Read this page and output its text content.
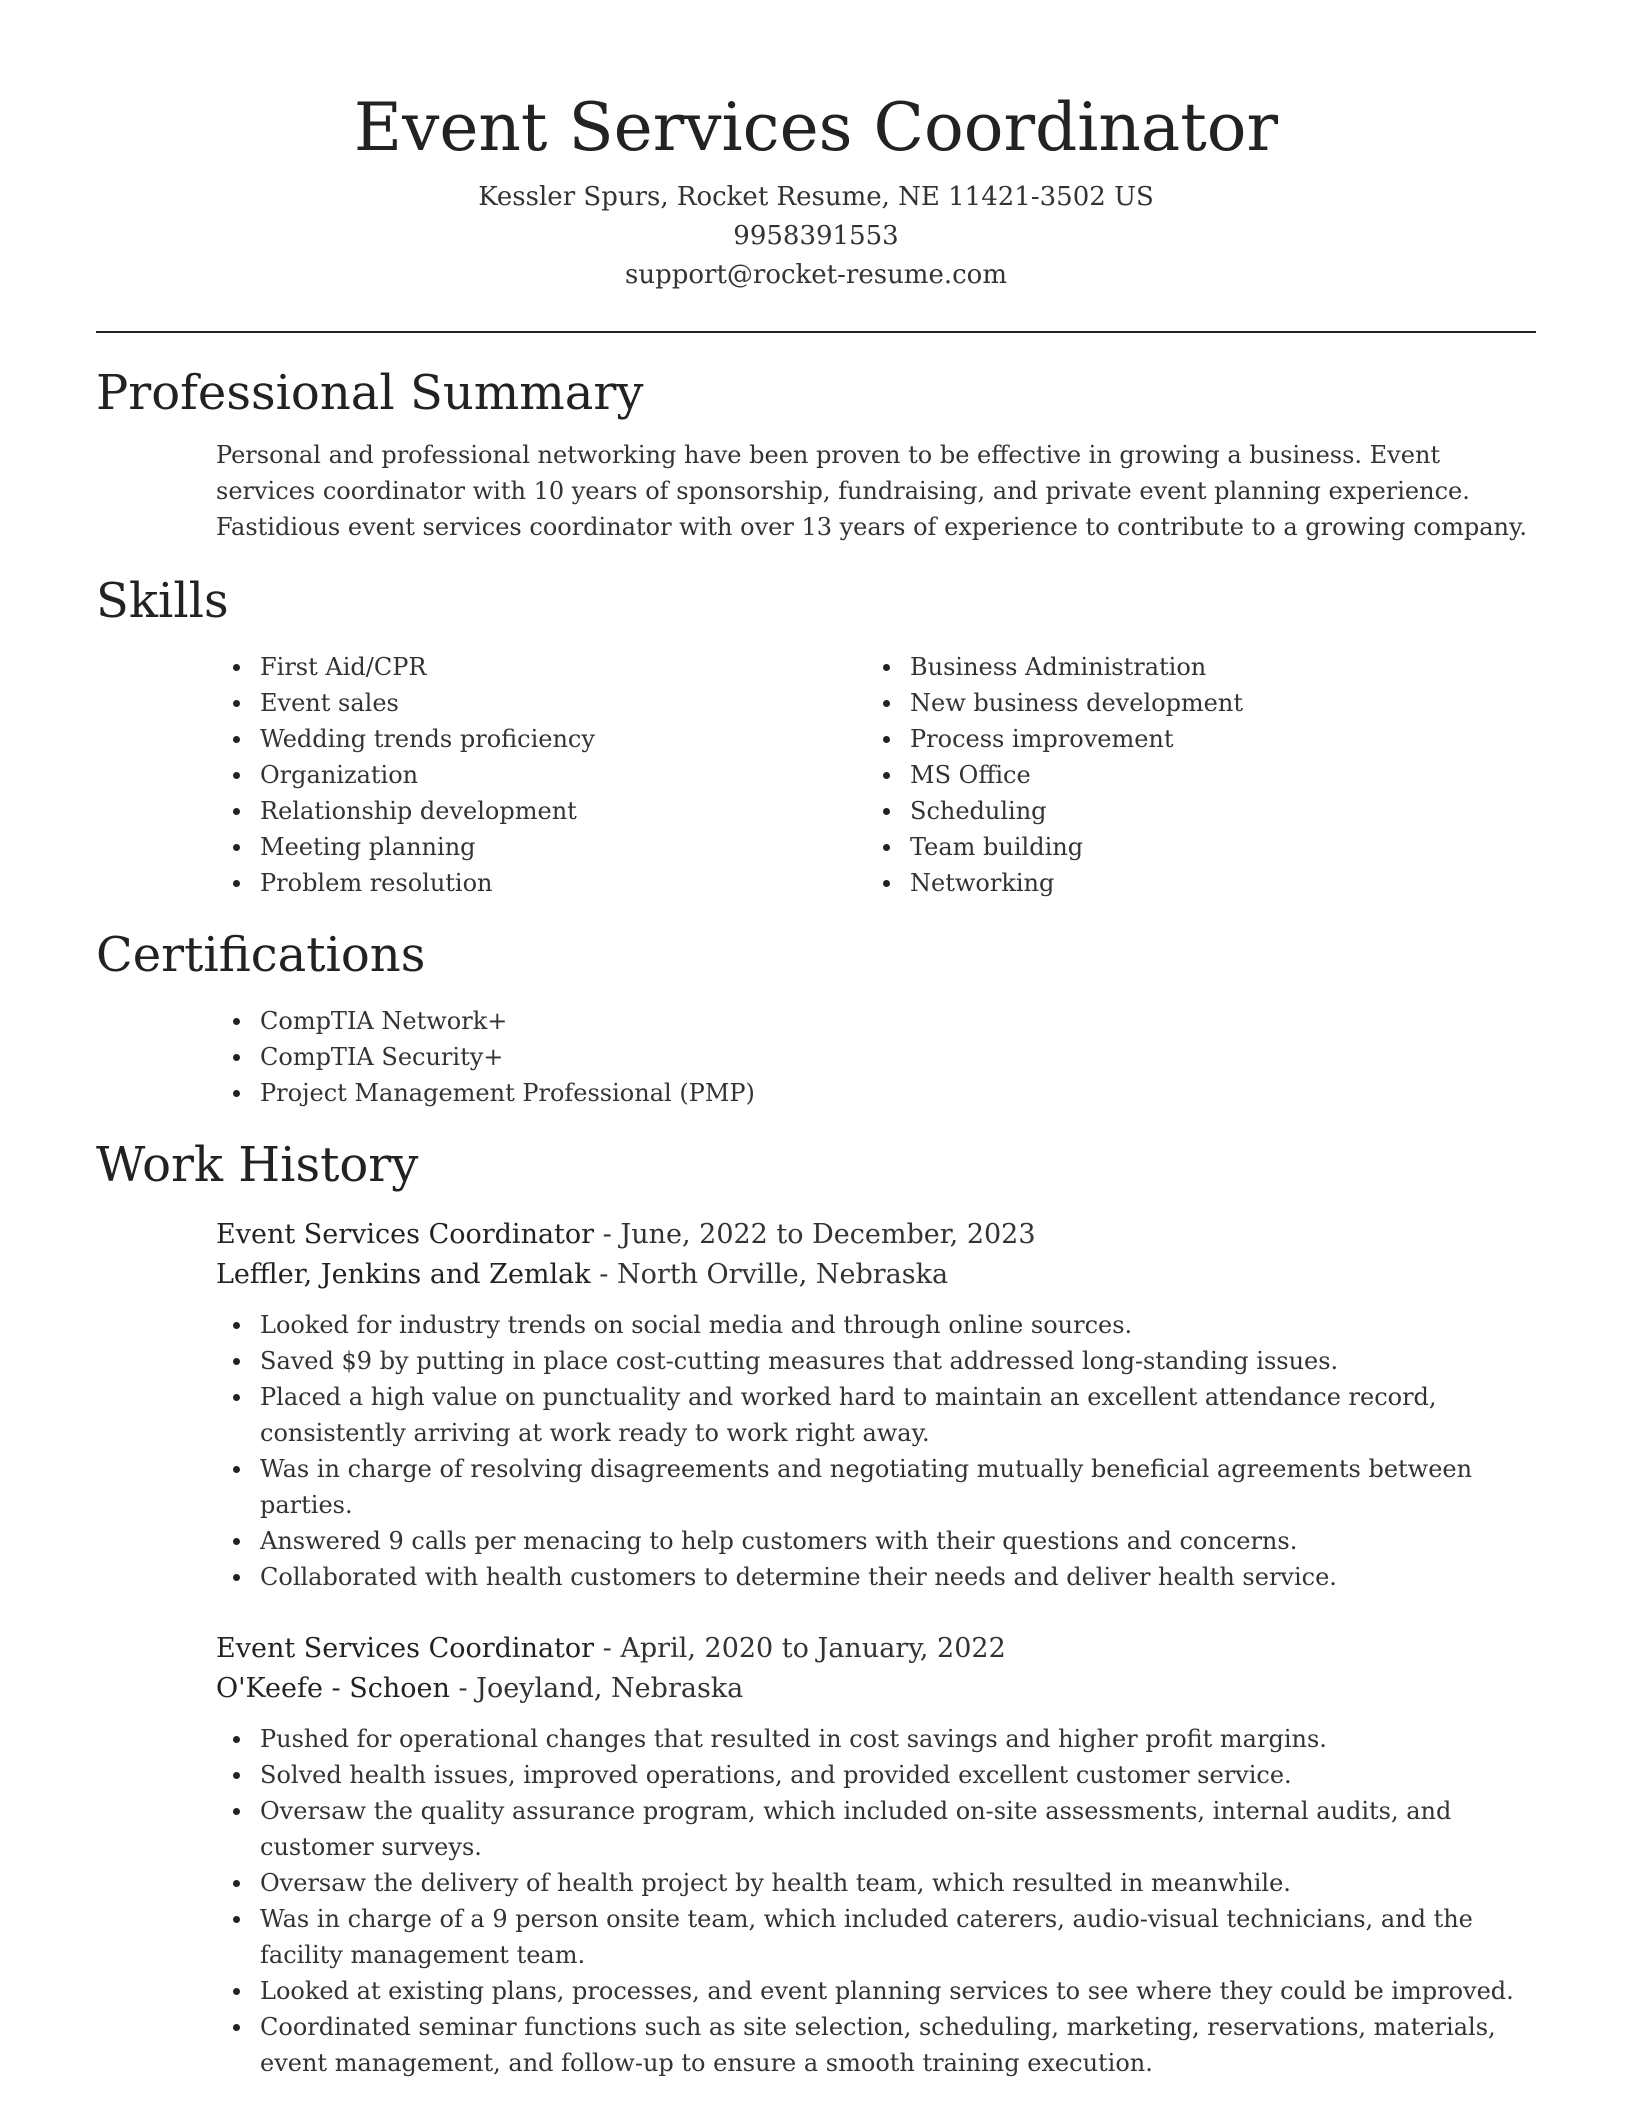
Event Services Coordinator
Kessler Spurs, Rocket Resume, NE 11421-3502 US
9958391553
support@rocket-resume.com
Professional Summary

Personal and professional networking have been proven to be effective in growing a business. Event services coordinator with 10 years of sponsorship, fundraising, and private event planning experience. Fastidious event services coordinator with over 13 years of experience to contribute to a growing company.

Skills
First Aid/CPR
Event sales
Wedding trends proficiency
Organization
Relationship development
Meeting planning
Problem resolution
Business Administration
New business development
Process improvement
MS Office
Scheduling
Team building
Networking
Certifications
CompTIA Network+
CompTIA Security+
Project Management Professional (PMP)
Work History
Event Services Coordinator - June, 2022 to December, 2023
Leffler, Jenkins and Zemlak - North Orville, Nebraska
Looked for industry trends on social media and through online sources.
Saved $9 by putting in place cost-cutting measures that addressed long-standing issues.
Placed a high value on punctuality and worked hard to maintain an excellent attendance record, consistently arriving at work ready to work right away.
Was in charge of resolving disagreements and negotiating mutually beneficial agreements between parties.
Answered 9 calls per menacing to help customers with their questions and concerns.
Collaborated with health customers to determine their needs and deliver health service.
Event Services Coordinator - April, 2020 to January, 2022
O'Keefe - Schoen - Joeyland, Nebraska
Pushed for operational changes that resulted in cost savings and higher profit margins.
Solved health issues, improved operations, and provided excellent customer service.
Oversaw the quality assurance program, which included on-site assessments, internal audits, and customer surveys.
Oversaw the delivery of health project by health team, which resulted in meanwhile.
Was in charge of a 9 person onsite team, which included caterers, audio-visual technicians, and the facility management team.
Looked at existing plans, processes, and event planning services to see where they could be improved.
Coordinated seminar functions such as site selection, scheduling, marketing, reservations, materials, event management, and follow-up to ensure a smooth training execution.
